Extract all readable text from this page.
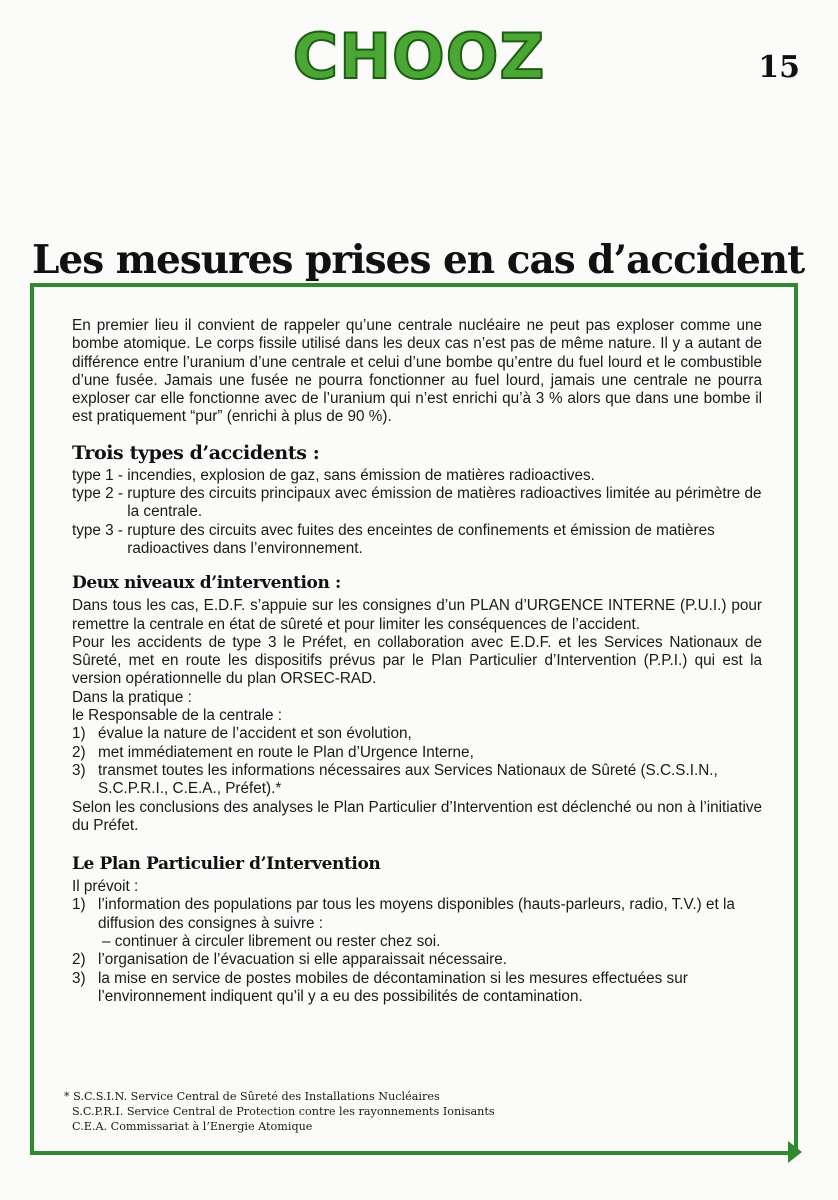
CHOOZ	15
Les mesures prises en cas d’accident

En premier lieu il convient de rappeler qu’une centrale nucléaire ne peut pas exploser comme une bombe atomique. Le corps fissile utilisé dans les deux cas n’est pas de même nature. Il y a autant de différence entre l’uranium d’une centrale et celui d’une bombe qu’entre du fuel lourd et le combustible d’une fusée. Jamais une fusée ne pourra fonctionner au fuel lourd, jamais une centrale ne pourra exploser car elle fonctionne avec de l’uranium qui n’est enrichi qu’à 3 % alors que dans une bombe il est pratiquement “pur” (enrichi à plus de 90 %).

Trois types d’accidents :
type 1 - incendies, explosion de gaz, sans émission de matières radioactives.
type 2 - rupture des circuits principaux avec émission de matières radioactives limitée au périmètre de la centrale.
type 3 - rupture des circuits avec fuites des enceintes de confinements et émission de matières radioactives dans l’environnement.
Deux niveaux d’intervention :

Dans tous les cas, E.D.F. s’appuie sur les consignes d’un PLAN d’URGENCE INTERNE (P.U.I.) pour remettre la centrale en état de sûreté et pour limiter les conséquences de l’accident.

Pour les accidents de type 3 le Préfet, en collaboration avec E.D.F. et les Services Nationaux de Sûreté, met en route les dispositifs prévus par le Plan Particulier d’Intervention (P.P.I.) qui est la version opérationnelle du plan ORSEC-RAD.

Dans la pratique :

le Responsable de la centrale :

1) évalue la nature de l’accident et son évolution,
2) met immédiatement en route le Plan d’Urgence Interne,
3) transmet toutes les informations nécessaires aux Services Nationaux de Sûreté (S.C.S.I.N., S.C.P.R.I., C.E.A., Préfet).*

Selon les conclusions des analyses le Plan Particulier d’Intervention est déclenché ou non à l’initiative du Préfet.

Le Plan Particulier d’Intervention

Il prévoit :

1) l’information des populations par tous les moyens disponibles (hauts-parleurs, radio, T.V.) et la diffusion des consignes à suivre :
– continuer à circuler librement ou rester chez soi.
2) l’organisation de l’évacuation si elle apparaissait nécessaire.
3) la mise en service de postes mobiles de décontamination si les mesures effectuées sur l’environnement indiquent qu’il y a eu des possibilités de contamination.
* S.C.S.I.N. Service Central de Sûreté des Installations Nucléaires
S.C.P.R.I. Service Central de Protection contre les rayonnements Ionisants
C.E.A. Commissariat à l’Energie Atomique
